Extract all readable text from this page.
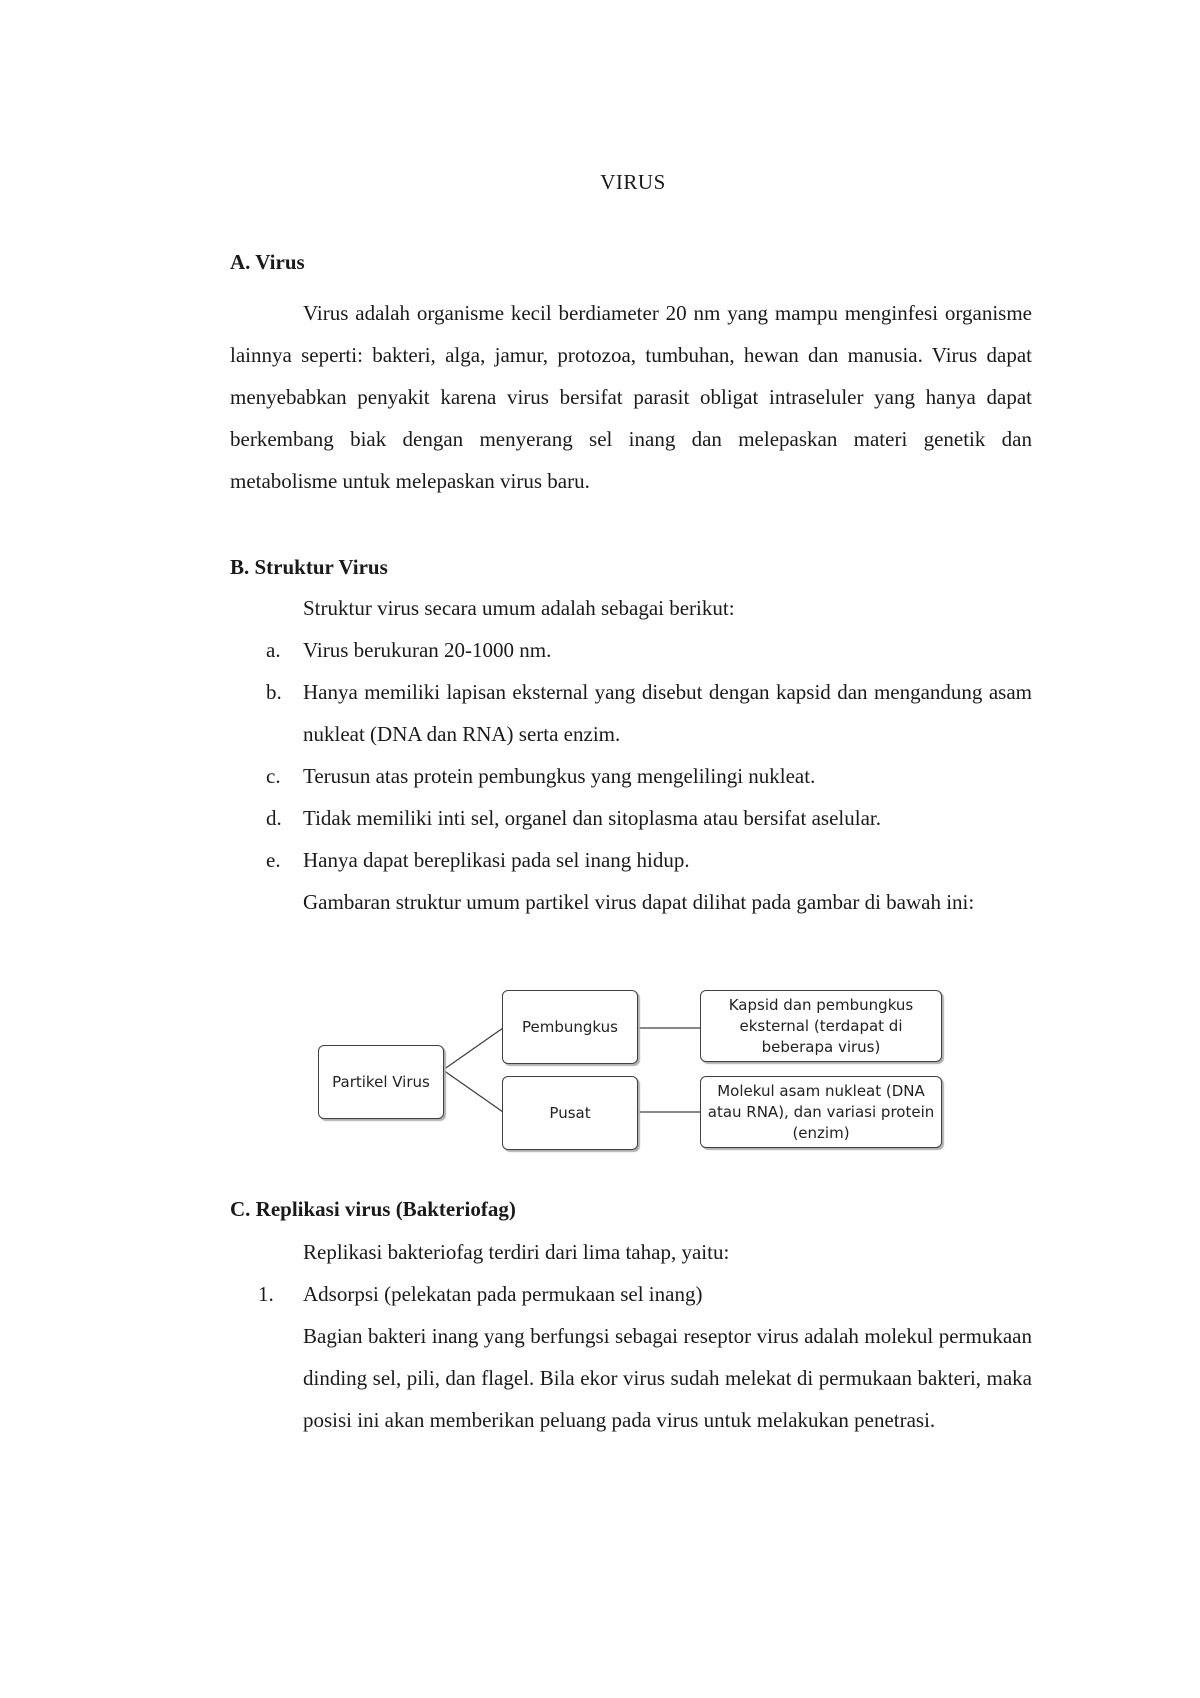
VIRUS
A. Virus

Virus adalah organisme kecil berdiameter 20 nm yang mampu menginfesi organisme lainnya seperti: bakteri, alga, jamur, protozoa, tumbuhan, hewan dan manusia. Virus dapat menyebabkan penyakit karena virus bersifat parasit obligat intraseluler yang hanya dapat berkembang biak dengan menyerang sel inang dan melepaskan materi genetik dan metabolisme untuk melepaskan virus baru.

B. Struktur Virus
Struktur virus secara umum adalah sebagai berikut:
a. Virus berukuran 20-1000 nm.
b. Hanya memiliki lapisan eksternal yang disebut dengan kapsid dan mengandung asam nukleat (DNA dan RNA) serta enzim.
c. Terusun atas protein pembungkus yang mengelilingi nukleat.
d. Tidak memiliki inti sel, organel dan sitoplasma atau bersifat aselular.
e. Hanya dapat bereplikasi pada sel inang hidup.

Gambaran struktur umum partikel virus dapat dilihat pada gambar di bawah ini:

Partikel Virus
Pembungkus
Pusat
Kapsid dan pembungkus eksternal (terdapat di beberapa virus)
Molekul asam nukleat (DNA atau RNA), dan variasi protein (enzim)
C. Replikasi virus (Bakteriofag)
Replikasi bakteriofag terdiri dari lima tahap, yaitu:
1. Adsorpsi (pelekatan pada permukaan sel inang)
Bagian bakteri inang yang berfungsi sebagai reseptor virus adalah molekul permukaan dinding sel, pili, dan flagel. Bila ekor virus sudah melekat di permukaan bakteri, maka posisi ini akan memberikan peluang pada virus untuk melakukan penetrasi.
